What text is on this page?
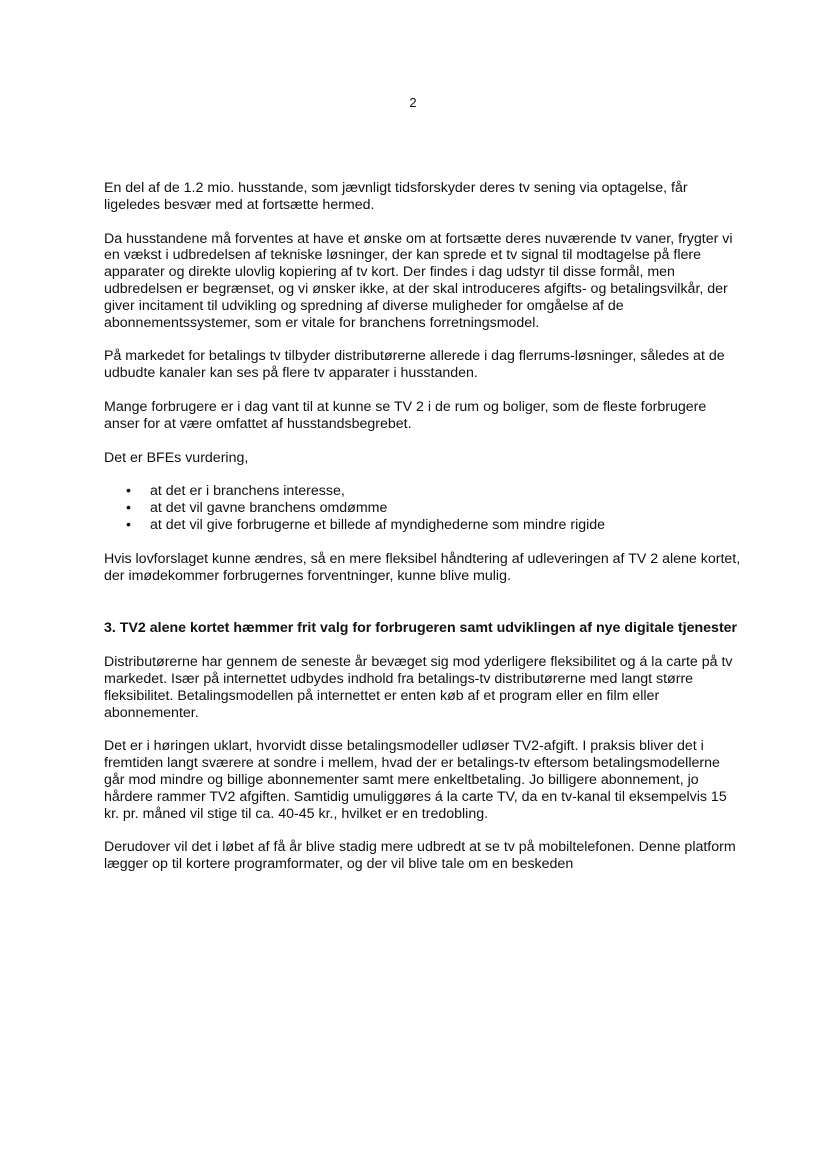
2

En del af de 1.2 mio. husstande, som jævnligt tidsforskyder deres tv sening via optagelse, får ligeledes besvær med at fortsætte hermed.

Da husstandene må forventes at have et ønske om at fortsætte deres nuværende tv vaner, frygter vi en vækst i udbredelsen af tekniske løsninger, der kan sprede et tv signal til modtagelse på flere apparater og direkte ulovlig kopiering af tv kort. Der findes i dag udstyr til disse formål, men udbredelsen er begrænset, og vi ønsker ikke, at der skal introduceres afgifts- og betalingsvilkår, der giver incitament til udvikling og spredning af diverse muligheder for omgåelse af de abonnementssystemer, som er vitale for branchens forretningsmodel.

På markedet for betalings tv tilbyder distributørerne allerede i dag flerrums-løsninger, således at de udbudte kanaler kan ses på flere tv apparater i husstanden.

Mange forbrugere er i dag vant til at kunne se TV 2 i de rum og boliger, som de fleste forbrugere anser for at være omfattet af husstandsbegrebet.

Det er BFEs vurdering,

• at det er i branchens interesse,
• at det vil gavne branchens omdømme
• at det vil give forbrugerne et billede af myndighederne som mindre rigide

Hvis lovforslaget kunne ændres, så en mere fleksibel håndtering af udleveringen af TV 2 alene kortet, der imødekommer forbrugernes forventninger, kunne blive mulig.

3. TV2 alene kortet hæmmer frit valg for forbrugeren samt udviklingen af nye digitale tjenester

Distributørerne har gennem de seneste år bevæget sig mod yderligere fleksibilitet og á la carte på tv markedet. Især på internettet udbydes indhold fra betalings-tv distributørerne med langt større fleksibilitet. Betalingsmodellen på internettet er enten køb af et program eller en film eller abonnementer.

Det er i høringen uklart, hvorvidt disse betalingsmodeller udløser TV2-afgift. I praksis bliver det i fremtiden langt sværere at sondre i mellem, hvad der er betalings-tv eftersom betalingsmodellerne går mod mindre og billige abonnementer samt mere enkeltbetaling. Jo billigere abonnement, jo hårdere rammer TV2 afgiften. Samtidig umuliggøres á la carte TV, da en tv-kanal til eksempelvis 15 kr. pr. måned vil stige til ca. 40-45 kr., hvilket er en tredobling.

Derudover vil det i løbet af få år blive stadig mere udbredt at se tv på mobiltelefonen. Denne platform lægger op til kortere programformater, og der vil blive tale om en beskeden
